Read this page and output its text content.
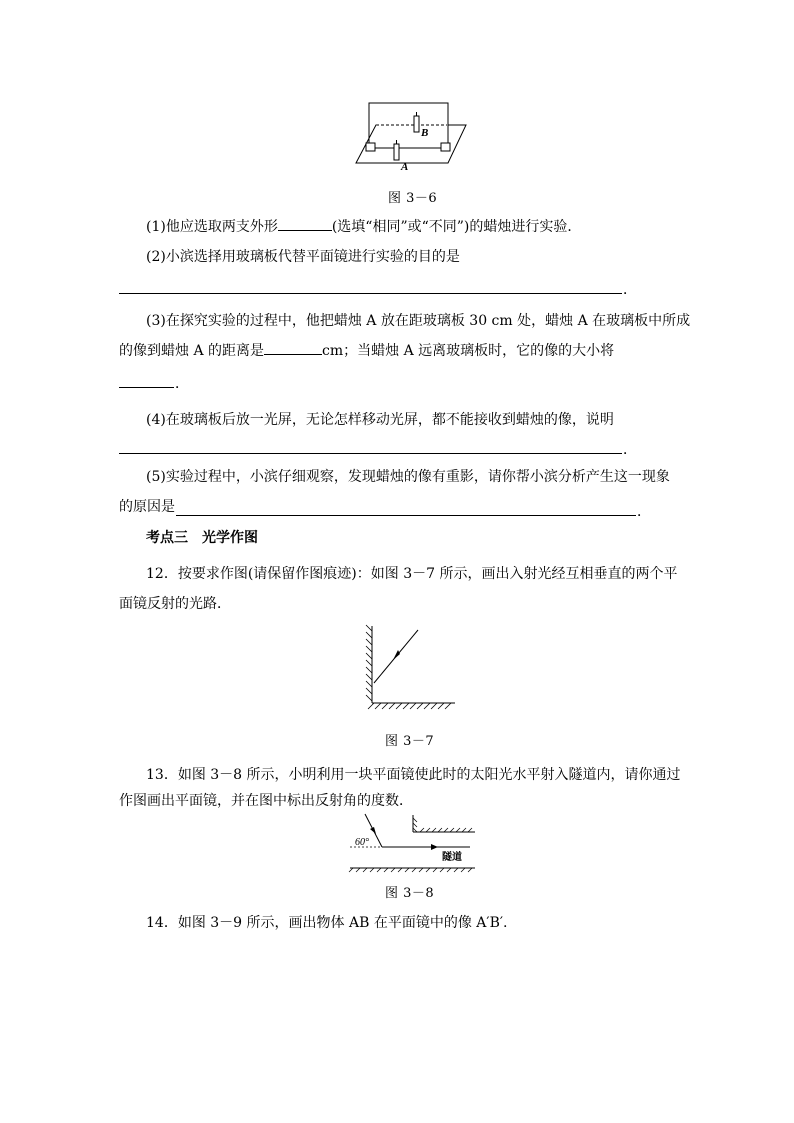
B
A
图 3－6
(1)他应选取两支外形	(选填“相同”或“不同”)的蜡烛进行实验．
(2)小滨选择用玻璃板代替平面镜进行实验的目的是
．
(3)在探究实验的过程中，他把蜡烛 A 放在距玻璃板 30 cm 处，蜡烛 A 在玻璃板中所成
的像到蜡烛 A 的距离是	cm；当蜡烛 A 远离玻璃板时，它的像的大小将
．
(4)在玻璃板后放一光屏，无论怎样移动光屏，都不能接收到蜡烛的像，说明
．
(5)实验过程中，小滨仔细观察，发现蜡烛的像有重影，请你帮小滨分析产生这一现象
的原因是	．
考点三　光学作图
12．按要求作图(请保留作图痕迹)：如图 3－7 所示，画出入射光经互相垂直的两个平
面镜反射的光路．
图 3－7
13．如图 3－8 所示，小明利用一块平面镜使此时的太阳光水平射入隧道内，请你通过
作图画出平面镜，并在图中标出反射角的度数．
60°
隧道
图 3－8
14．如图 3－9 所示，画出物体 AB 在平面镜中的像 A′B′.
